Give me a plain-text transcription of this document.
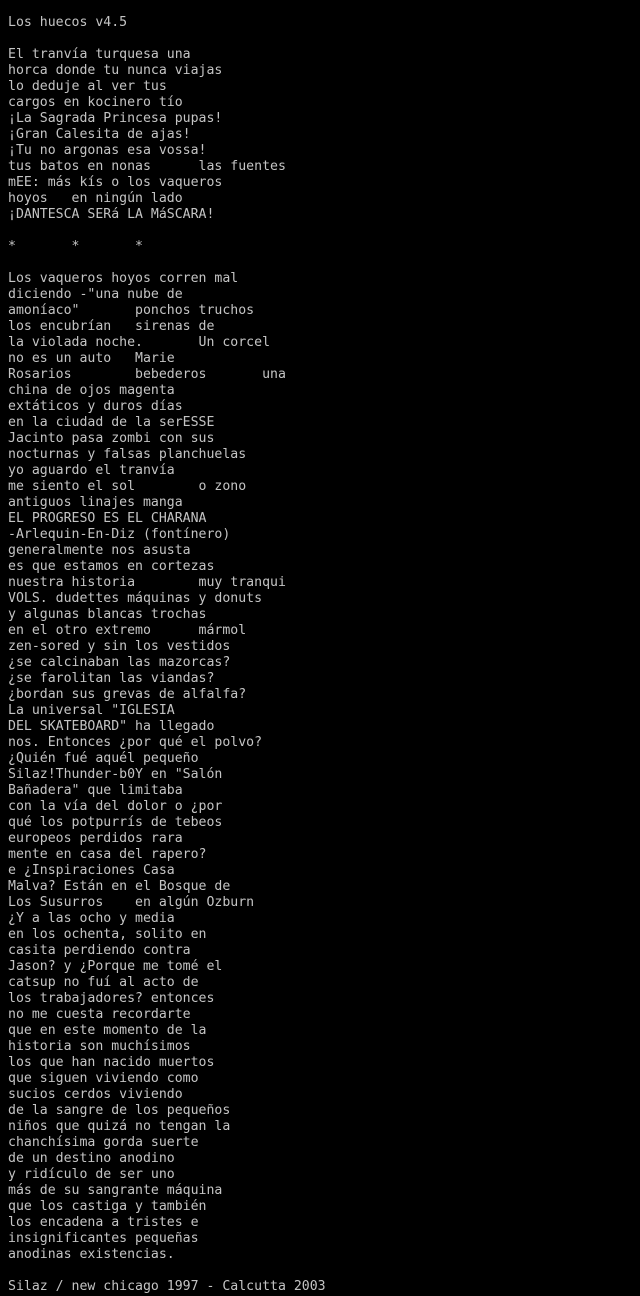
Los huecos v4.5
El tranvía turquesa una
horca donde tu nunca viajas
lo deduje al ver tus
cargos en kocinero tío
¡La Sagrada Princesa pupas!
¡Gran Calesita de ajas!
¡Tu no argonas esa vossa!
tus batos en nonas      las fuentes
mEE: más kís o los vaqueros
hoyos   en ningún lado
¡DANTESCA SERá LA MáSCARA!
*       *       *
Los vaqueros hoyos corren mal
diciendo -"una nube de
amoníaco"       ponchos truchos
los encubrían   sirenas de
la violada noche.       Un corcel
no es un auto   Marie
Rosarios        bebederos       una
china de ojos magenta
extáticos y duros días
en la ciudad de la serESSE
Jacinto pasa zombi con sus
nocturnas y falsas planchuelas
yo aguardo el tranvía
me siento el sol        o zono
antiguos linajes manga
EL PROGRESO ES EL CHARANA
-Arlequin-En-Diz (fontínero)
generalmente nos asusta
es que estamos en cortezas
nuestra historia        muy tranqui
VOLS. dudettes máquinas y donuts
y algunas blancas trochas
en el otro extremo      mármol
zen-sored y sin los vestidos
¿se calcinaban las mazorcas?
¿se farolitan las viandas?
¿bordan sus grevas de alfalfa?
La universal "IGLESIA
DEL SKATEBOARD" ha llegado
nos. Entonces ¿por qué el polvo?
¿Quién fué aquél pequeño
Silaz!Thunder-b0Y en "Salón
Bañadera" que limitaba
con la vía del dolor o ¿por
qué los potpurrís de tebeos
europeos perdidos rara
mente en casa del rapero?
e ¿Inspiraciones Casa
Malva? Están en el Bosque de
Los Susurros    en algún Ozburn
¿Y a las ocho y media
en los ochenta, solito en
casita perdiendo contra
Jason? y ¿Porque me tomé el
catsup no fuí al acto de
los trabajadores? entonces
no me cuesta recordarte
que en este momento de la
historia son muchísimos
los que han nacido muertos
que siguen viviendo como
sucios cerdos viviendo
de la sangre de los pequeños
niños que quizá no tengan la
chanchísima gorda suerte
de un destino anodino
y ridículo de ser uno
más de su sangrante máquina
que los castiga y también
los encadena a tristes e
insignificantes pequeñas
anodinas existencias.
Silaz / new chicago 1997 - Calcutta 2003
